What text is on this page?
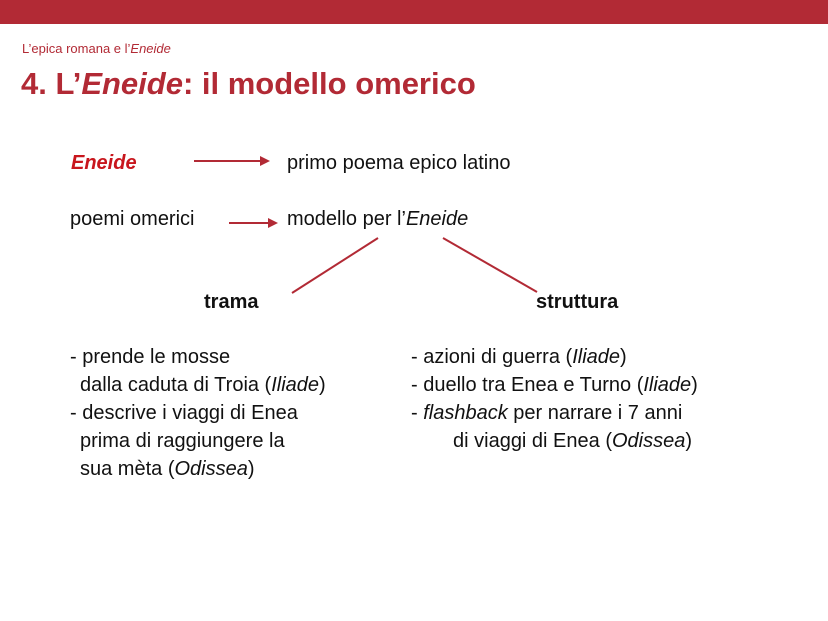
L’epica romana e l’Eneide
4. L’Eneide: il modello omerico
Eneide	primo poema epico latino
poemi omerici	modello per l’Eneide
trama	struttura
- prende le mosse
dalla caduta di Troia (Iliade)
- descrive i viaggi di Enea
prima di raggiungere la
sua mèta (Odissea)
- azioni di guerra (Iliade)
- duello tra Enea e Turno (Iliade)
- flashback per narrare i 7 anni
di viaggi di Enea (Odissea)
